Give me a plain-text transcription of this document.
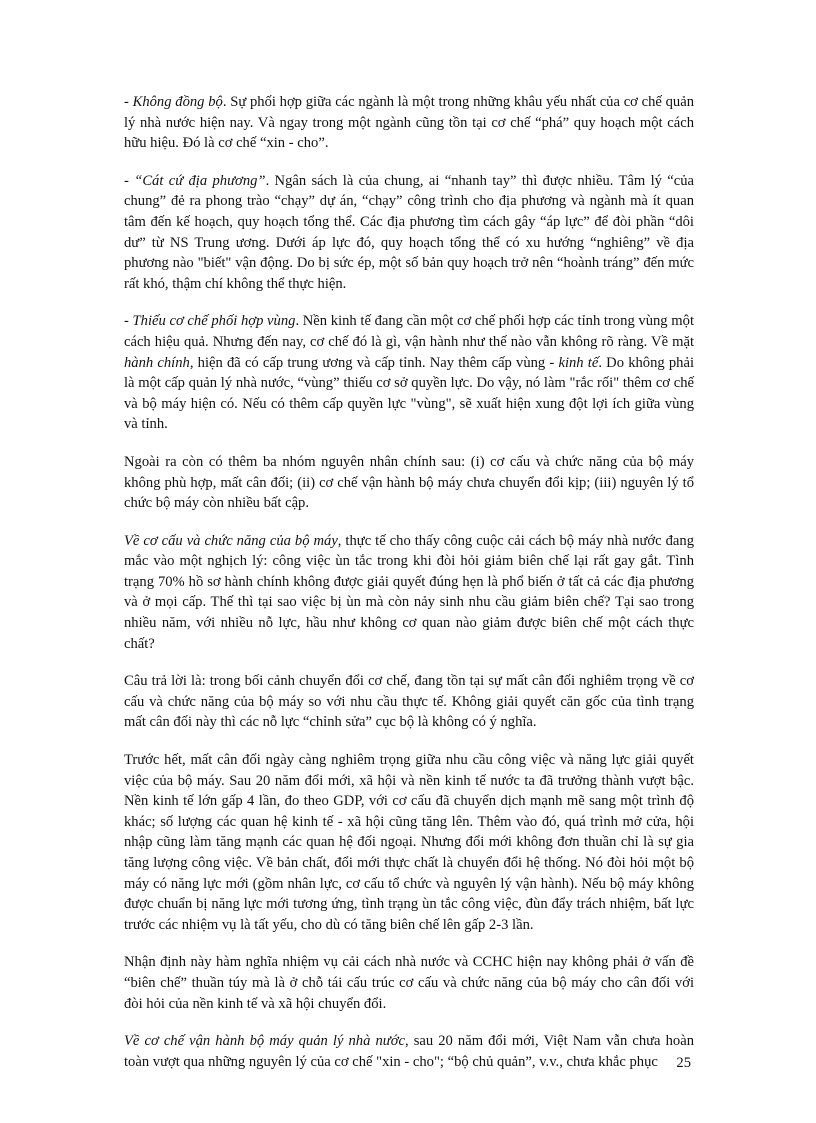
- Không đồng bộ. Sự phối hợp giữa các ngành là một trong những khâu yếu nhất của cơ chế quản lý nhà nước hiện nay. Và ngay trong một ngành cũng tồn tại cơ chế “phá” quy hoạch một cách hữu hiệu. Đó là cơ chế “xin - cho”.

- “Cát cứ địa phương”. Ngân sách là của chung, ai “nhanh tay” thì được nhiều. Tâm lý “của chung” đẻ ra phong trào “chạy” dự án, “chạy” công trình cho địa phương và ngành mà ít quan tâm đến kế hoạch, quy hoạch tổng thể. Các địa phương tìm cách gây “áp lực” để đòi phần “dôi dư” từ NS Trung ương. Dưới áp lực đó, quy hoạch tổng thể có xu hướng “nghiêng” về địa phương nào "biết" vận động. Do bị sức ép, một số bản quy hoạch trở nên “hoành tráng” đến mức rất khó, thậm chí không thể thực hiện.

- Thiếu cơ chế phối hợp vùng. Nền kinh tế đang cần một cơ chế phối hợp các tỉnh trong vùng một cách hiệu quả. Nhưng đến nay, cơ chế đó là gì, vận hành như thế nào vẫn không rõ ràng. Về mặt hành chính, hiện đã có cấp trung ương và cấp tỉnh. Nay thêm cấp vùng - kinh tế. Do không phải là một cấp quản lý nhà nước, “vùng” thiếu cơ sở quyền lực. Do vậy, nó làm "rắc rối" thêm cơ chế và bộ máy hiện có. Nếu có thêm cấp quyền lực "vùng", sẽ xuất hiện xung đột lợi ích giữa vùng và tỉnh.

Ngoài ra còn có thêm ba nhóm nguyên nhân chính sau: (i) cơ cấu và chức năng của bộ máy không phù hợp, mất cân đối; (ii) cơ chế vận hành bộ máy chưa chuyển đổi kịp; (iii) nguyên lý tổ chức bộ máy còn nhiều bất cập.

Về cơ cấu và chức năng của bộ máy, thực tế cho thấy công cuộc cải cách bộ máy nhà nước đang mắc vào một nghịch lý: công việc ùn tắc trong khi đòi hỏi giảm biên chế lại rất gay gắt. Tình trạng 70% hồ sơ hành chính không được giải quyết đúng hẹn là phổ biến ở tất cả các địa phương và ở mọi cấp. Thế thì tại sao việc bị ùn mà còn nảy sinh nhu cầu giảm biên chế? Tại sao trong nhiều năm, với nhiều nỗ lực, hầu như không cơ quan nào giảm được biên chế một cách thực chất?

Câu trả lời là: trong bối cảnh chuyển đổi cơ chế, đang tồn tại sự mất cân đối nghiêm trọng về cơ cấu và chức năng của bộ máy so với nhu cầu thực tế. Không giải quyết căn gốc của tình trạng mất cân đối này thì các nỗ lực “chỉnh sửa” cục bộ là không có ý nghĩa.

Trước hết, mất cân đối ngày càng nghiêm trọng giữa nhu cầu công việc và năng lực giải quyết việc của bộ máy. Sau 20 năm đổi mới, xã hội và nền kinh tế nước ta đã trưởng thành vượt bậc. Nền kinh tế lớn gấp 4 lần, đo theo GDP, với cơ cấu đã chuyển dịch mạnh mẽ sang một trình độ khác; số lượng các quan hệ kinh tế - xã hội cũng tăng lên. Thêm vào đó, quá trình mở cửa, hội nhập cũng làm tăng mạnh các quan hệ đối ngoại. Nhưng đổi mới không đơn thuần chỉ là sự gia tăng lượng công việc. Về bản chất, đổi mới thực chất là chuyển đổi hệ thống. Nó đòi hỏi một bộ máy có năng lực mới (gồm nhân lực, cơ cấu tổ chức và nguyên lý vận hành). Nếu bộ máy không được chuẩn bị năng lực mới tương ứng, tình trạng ùn tắc công việc, đùn đẩy trách nhiệm, bất lực trước các nhiệm vụ là tất yếu, cho dù có tăng biên chế lên gấp 2-3 lần.

Nhận định này hàm nghĩa nhiệm vụ cải cách nhà nước và CCHC hiện nay không phải ở vấn đề “biên chế” thuần túy mà là ở chỗ tái cấu trúc cơ cấu và chức năng của bộ máy cho cân đối với đòi hỏi của nền kinh tế và xã hội chuyển đổi.

Về cơ chế vận hành bộ máy quản lý nhà nước, sau 20 năm đổi mới, Việt Nam vẫn chưa hoàn toàn vượt qua những nguyên lý của cơ chế "xin - cho"; “bộ chủ quản”, v.v., chưa khắc phục	25
